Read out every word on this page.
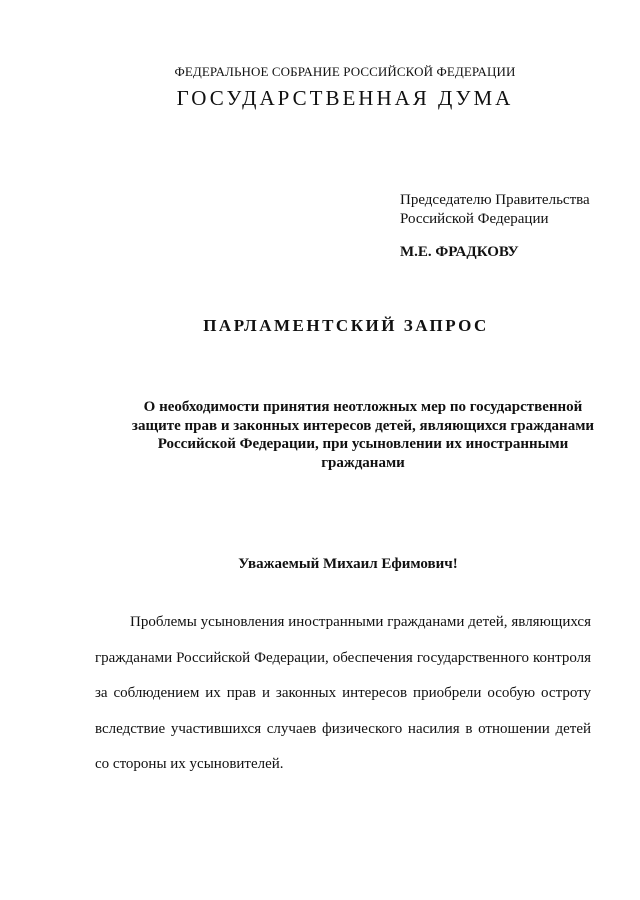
ФЕДЕРАЛЬНОЕ СОБРАНИЕ РОССИЙСКОЙ ФЕДЕРАЦИИ
ГОСУДАРСТВЕННАЯ ДУМА
Председателю Правительства
Российской Федерации
М.Е. ФРАДКОВУ
ПАРЛАМЕНТСКИЙ ЗАПРОС
О необходимости принятия неотложных мер по государственной защите прав и законных интересов детей, являющихся гражданами Российской Федерации, при усыновлении их иностранными гражданами
Уважаемый Михаил Ефимович!
Проблемы усыновления иностранными гражданами детей, являющихся гражданами Российской Федерации, обеспечения государственного контроля за соблюдением их прав и законных интересов приобрели особую остроту вследствие участившихся случаев физического насилия в отношении детей со стороны их усыновителей.
